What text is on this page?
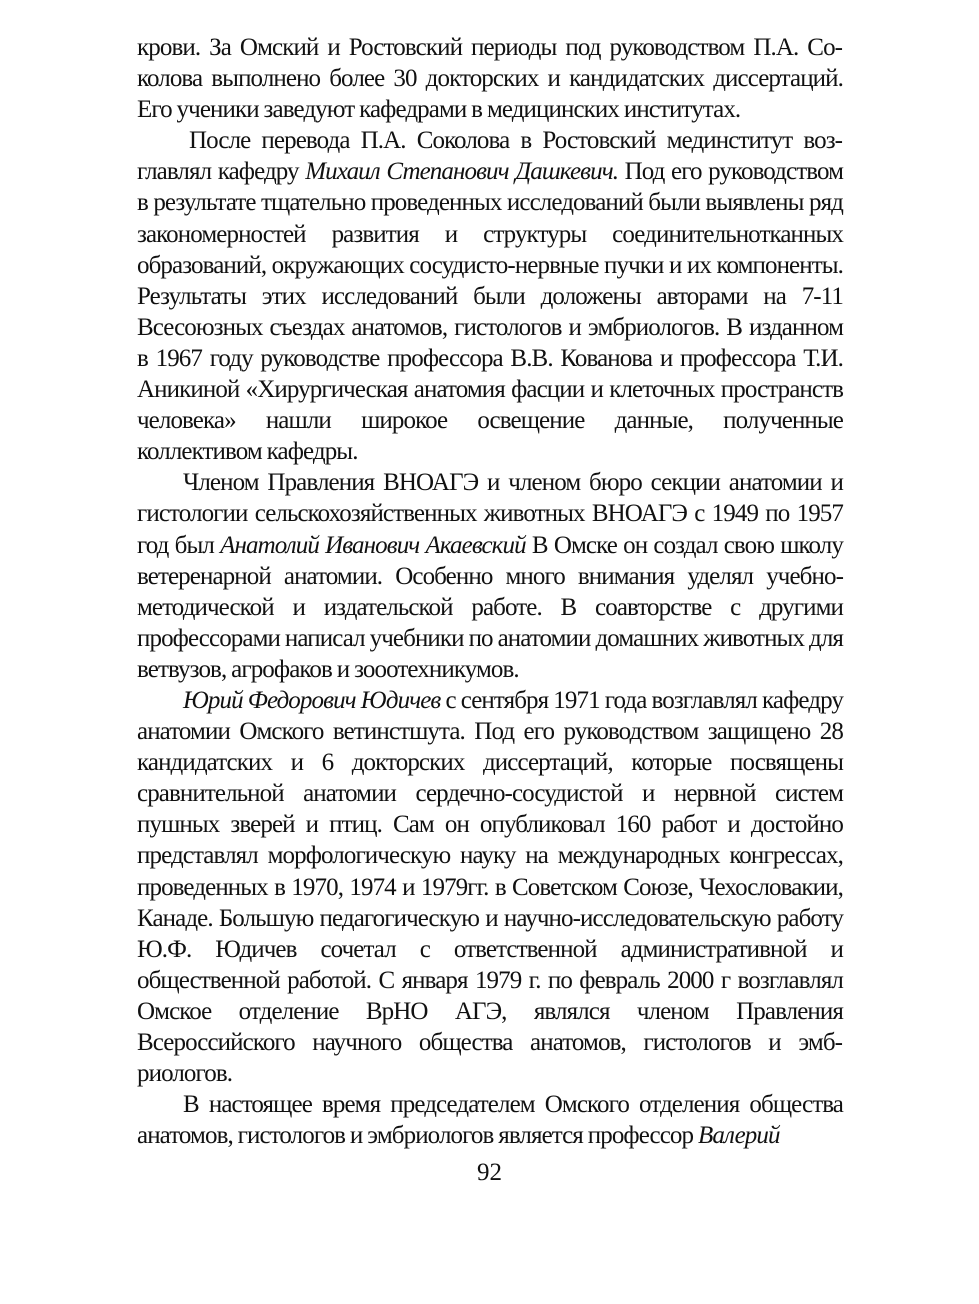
крови. За Омский и Ростовский периоды под руководством П.А. Соколова выполнено более 30 докторских и кандидатских диссертаций. Его ученики заведуют кафедрами в медицинских институтах.

После перевода П.А. Соколова в Ростовский мединститут возглавлял кафедру Михаил Степанович Дашкевич. Под его руководством в результате тщательно проведенных исследований были выявлены ряд закономерностей развития и структуры соединительнотканных образований, окружающих сосудисто-нервные пучки и их компоненты. Результаты этих исследований были доложены авторами на 7-11 Всесоюзных съездах анатомов, гистологов и эмбриологов. В изданном в 1967 году руководстве профессора В.В. Кованова и профессора Т.И. Аникиной «Хирургическая анатомия фасции и клеточных пространств человека» нашли широкое освещение данные, полученные коллективом кафедры.

Членом Правления ВНОАГЭ и членом бюро секции анатомии и гистологии сельскохозяйственных животных ВНОАГЭ с 1949 по 1957 год был Анатолий Иванович Акаевский В Омске он создал свою школу ветеренарной анатомии. Особенно много внимания уделял учебно-методической и издательской работе. В соавторстве с другими профессорами написал учебники по анатомии домашних животных для ветвузов, агрофаков и зооотехникумов.

Юрий Федорович Юдичев с сентября 1971 года возглавлял кафедру анатомии Омского ветинстшута. Под его руководством защищено 28 кандидатских и 6 докторских диссертаций, которые посвящены сравнительной анатомии сердечно-сосудистой и нервной систем пушных зверей и птиц. Сам он опубликовал 160 работ и достойно представлял морфологическую науку на международных конгрессах, проведенных в 1970, 1974 и 1979гг. в Советском Союзе, Чехословакии, Канаде. Большую педагогическую и научно-исследовательскую работу Ю.Ф. Юдичев сочетал с ответственной административной и общественной работой. С января 1979 г. по февраль 2000 г возглавлял Омское отделение ВрНО АГЭ, являлся членом Правления Всероссийского научного общества анатомов, гистологов и эмбриологов.

В настоящее время председателем Омского отделения общества анатомов, гистологов и эмбриологов является профессор Валерий

92
